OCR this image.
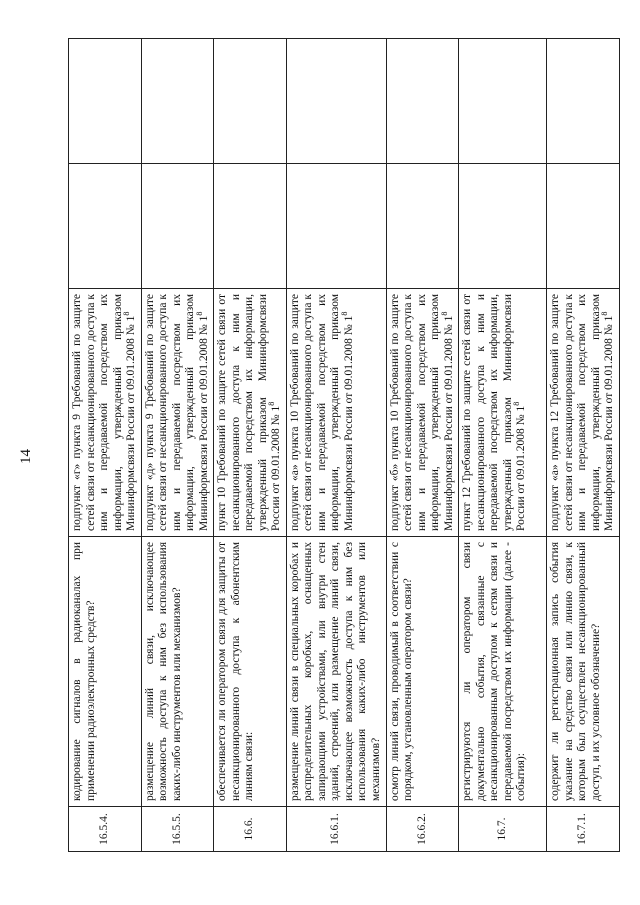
14
16.5.4.	кодирование сигналов в радиоканалах при применении радиоэлектронных средств?	подпункт «г» пункта 9 Требований по защите сетей связи от несанкционированного доступа к ним и передаваемой посредством их информации, утвержденный приказом Мининформсвязи России от 09.01.2008 № $1^8$		
16.5.5.	размещение линий связи, исключающее возможность доступа к ним без использования каких-либо инструментов или механизмов?	подпункт «д» пункта 9 Требований по защите сетей связи от несанкционированного доступа к ним и передаваемой посредством их информации, утвержденный приказом Мининформсвязи России от 09.01.2008 № $1^8$		
16.6.	обеспечивается ли оператором связи для защиты от несанкционированного доступа к абонентским линиям связи:	пункт 10 Требований по защите сетей связи от несанкционированного доступа к ним и передаваемой посредством их информации, утвержденный приказом Мининформсвязи России от 09.01.2008 № $1^8$		
16.6.1.	размещение линий связи в специальных коробах и распределительных коробках, оснащенных запирающими устройствами, или внутри стен зданий, строений, или размещение линий связи, исключающее возможность доступа к ним без использования каких-либо инструментов или механизмов?	подпункт «а» пункта 10 Требований по защите сетей связи от несанкционированного доступа к ним и передаваемой посредством их информации, утвержденный приказом Мининформсвязи России от 09.01.2008 № $1^8$		
16.6.2.	осмотр линий связи, проводимый в соответствии с порядком, установленным оператором связи?	подпункт «б» пункта 10 Требований по защите сетей связи от несанкционированного доступа к ним и передаваемой посредством их информации, утвержденный приказом Мининформсвязи России от 09.01.2008 № $1^8$		
16.7.	регистрируются ли оператором связи документально события, связанные с несанкционированным доступом к сетям связи и передаваемой посредством их информации (далее - события):	пункт 12 Требований по защите сетей связи от несанкционированного доступа к ним и передаваемой посредством их информации, утвержденный приказом Мининформсвязи России от 09.01.2008 № $1^8$		
16.7.1.	содержит ли регистрационная запись события указание на средство связи или линию связи, к которым был осуществлен несанкционированный доступ, и их условное обозначение?	подпункт «а» пункта 12 Требований по защите сетей связи от несанкционированного доступа к ним и передаваемой посредством их информации, утвержденный приказом Мининформсвязи России от 09.01.2008 № $1^8$		
